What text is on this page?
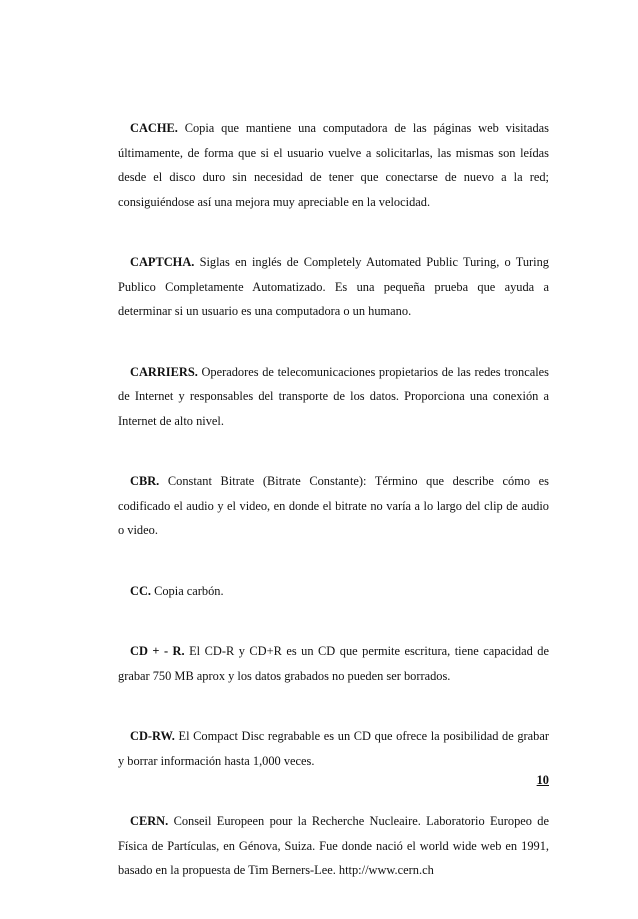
CACHE. Copia que mantiene una computadora de las páginas web visitadas últimamente, de forma que si el usuario vuelve a solicitarlas, las mismas son leídas desde el disco duro sin necesidad de tener que conectarse de nuevo a la red; consiguiéndose así una mejora muy apreciable en la velocidad.

CAPTCHA. Siglas en inglés de Completely Automated Public Turing, o Turing Publico Completamente Automatizado. Es una pequeña prueba que ayuda a determinar si un usuario es una computadora o un humano.

CARRIERS. Operadores de telecomunicaciones propietarios de las redes troncales de Internet y responsables del transporte de los datos. Proporciona una conexión a Internet de alto nivel.

CBR. Constant Bitrate (Bitrate Constante): Término que describe cómo es codificado el audio y el video, en donde el bitrate no varía a lo largo del clip de audio o video.

CC. Copia carbón.

CD + - R. El CD-R y CD+R es un CD que permite escritura, tiene capacidad de grabar 750 MB aprox y los datos grabados no pueden ser borrados.

CD-RW. El Compact Disc regrabable es un CD que ofrece la posibilidad de grabar y borrar información hasta 1,000 veces.

CERN. Conseil Europeen pour la Recherche Nucleaire. Laboratorio Europeo de Física de Partículas, en Génova, Suiza. Fue donde nació el world wide web en 1991, basado en la propuesta de Tim Berners-Lee. http://www.cern.ch

10
